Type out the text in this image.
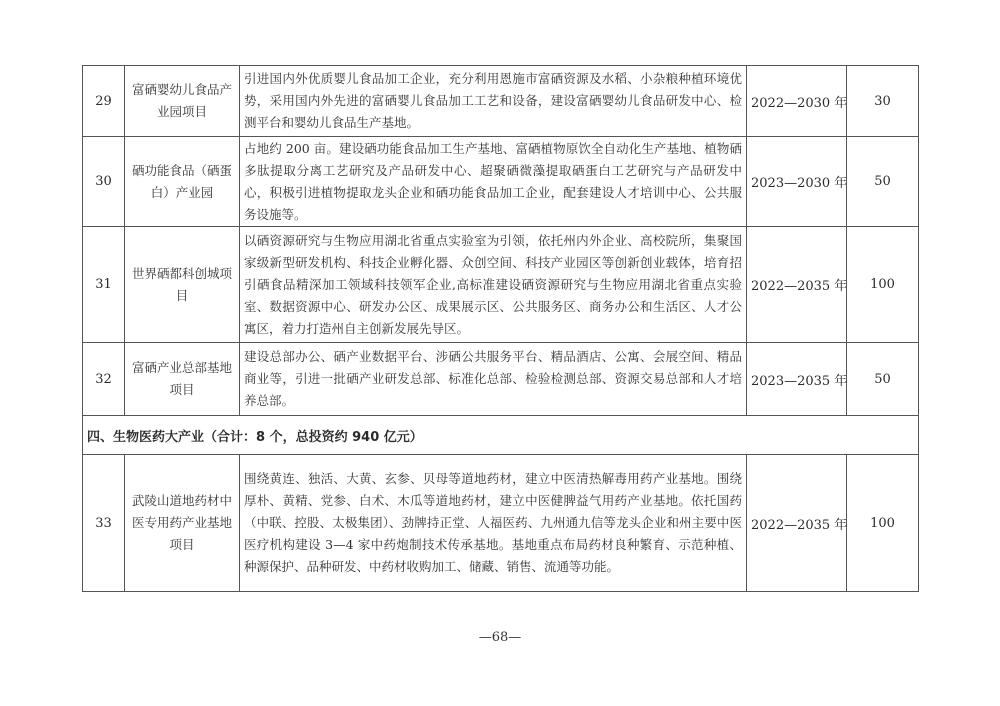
29	富硒婴幼儿食品产业园项目	引进国内外优质婴儿食品加工企业，充分利用恩施市富硒资源及水稻、小杂粮种植环境优势，采用国内外先进的富硒婴儿食品加工工艺和设备，建设富硒婴幼儿食品研发中心、检测平台和婴幼儿食品生产基地。	2022—2030 年	30
30	硒功能食品（硒蛋白）产业园	占地约 200 亩。建设硒功能食品加工生产基地、富硒植物原饮全自动化生产基地、植物硒多肽提取分离工艺研究及产品研发中心、超聚硒微藻提取硒蛋白工艺研究与产品研发中心，积极引进植物提取龙头企业和硒功能食品加工企业，配套建设人才培训中心、公共服务设施等。	2023—2030 年	50
31	世界硒都科创城项目	以硒资源研究与生物应用湖北省重点实验室为引领，依托州内外企业、高校院所，集聚国家级新型研发机构、科技企业孵化器、众创空间、科技产业园区等创新创业载体，培育招引硒食品精深加工领域科技领军企业,高标准建设硒资源研究与生物应用湖北省重点实验室、数据资源中心、研发办公区、成果展示区、公共服务区、商务办公和生活区、人才公寓区，着力打造州自主创新发展先导区。	2022—2035 年	100
32	富硒产业总部基地项目	建设总部办公、硒产业数据平台、涉硒公共服务平台、精品酒店、公寓、会展空间、精品商业等，引进一批硒产业研发总部、标准化总部、检验检测总部、资源交易总部和人才培养总部。	2023—2035 年	50
四、生物医药大产业（合计：8 个，总投资约 940 亿元）				
33	武陵山道地药材中医专用药产业基地项目	围绕黄连、独活、大黄、玄参、贝母等道地药材，建立中医清热解毒用药产业基地。围绕厚朴、黄精、党参、白术、木瓜等道地药材，建立中医健脾益气用药产业基地。依托国药（中联、控股、太极集团）、劲牌持正堂、人福医药、九州通九信等龙头企业和州主要中医医疗机构建设 3—4 家中药炮制技术传承基地。基地重点布局药材良种繁育、示范种植、种源保护、品种研发、中药材收购加工、储藏、销售、流通等功能。	2022—2035 年	100
—68—
